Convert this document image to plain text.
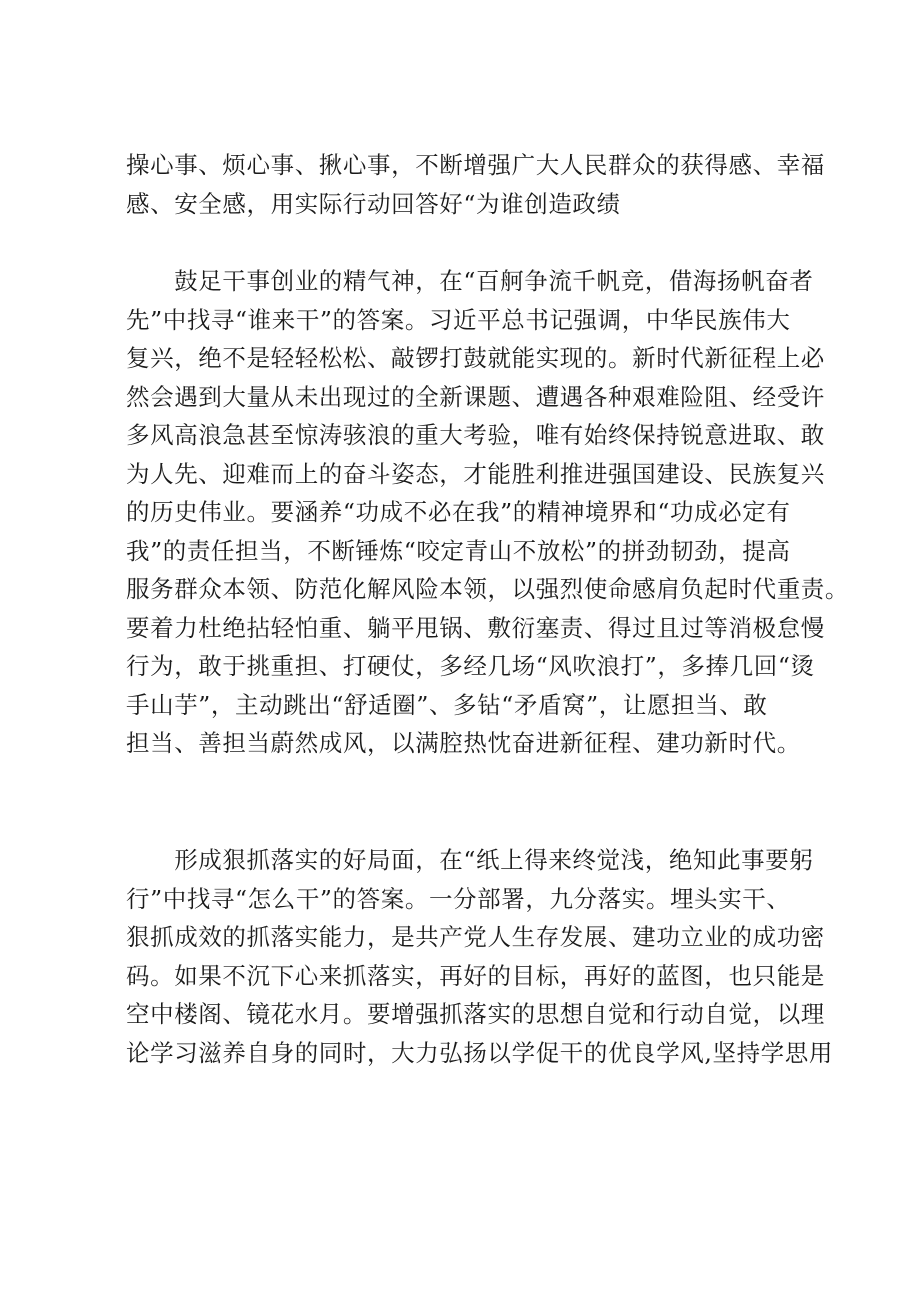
操心事、烦心事、揪心事，不断增强广大人民群众的获得感、幸福
感、安全感，用实际行动回答好“为谁创造政绩
　　鼓足干事创业的精气神，在“百舸争流千帆竞，借海扬帆奋者
先”中找寻“谁来干”的答案。习近平总书记强调，中华民族伟大
复兴，绝不是轻轻松松、敲锣打鼓就能实现的。新时代新征程上必
然会遇到大量从未出现过的全新课题、遭遇各种艰难险阻、经受许
多风高浪急甚至惊涛骇浪的重大考验，唯有始终保持锐意进取、敢
为人先、迎难而上的奋斗姿态，才能胜利推进强国建设、民族复兴
的历史伟业。要涵养“功成不必在我”的精神境界和“功成必定有
我”的责任担当，不断锤炼“咬定青山不放松”的拼劲韧劲，提高
服务群众本领、防范化解风险本领，以强烈使命感肩负起时代重责。
要着力杜绝拈轻怕重、躺平甩锅、敷衍塞责、得过且过等消极怠慢
行为，敢于挑重担、打硬仗，多经几场“风吹浪打”，多捧几回“烫
手山芋”，主动跳出“舒适圈”、多钻“矛盾窝”，让愿担当、敢
担当、善担当蔚然成风，以满腔热忱奋进新征程、建功新时代。
　　形成狠抓落实的好局面，在“纸上得来终觉浅，绝知此事要躬
行”中找寻“怎么干”的答案。一分部署，九分落实。埋头实干、
狠抓成效的抓落实能力，是共产党人生存发展、建功立业的成功密
码。如果不沉下心来抓落实，再好的目标，再好的蓝图，也只能是
空中楼阁、镜花水月。要增强抓落实的思想自觉和行动自觉，以理
论学习滋养自身的同时，大力弘扬以学促干的优良学风,坚持学思用
